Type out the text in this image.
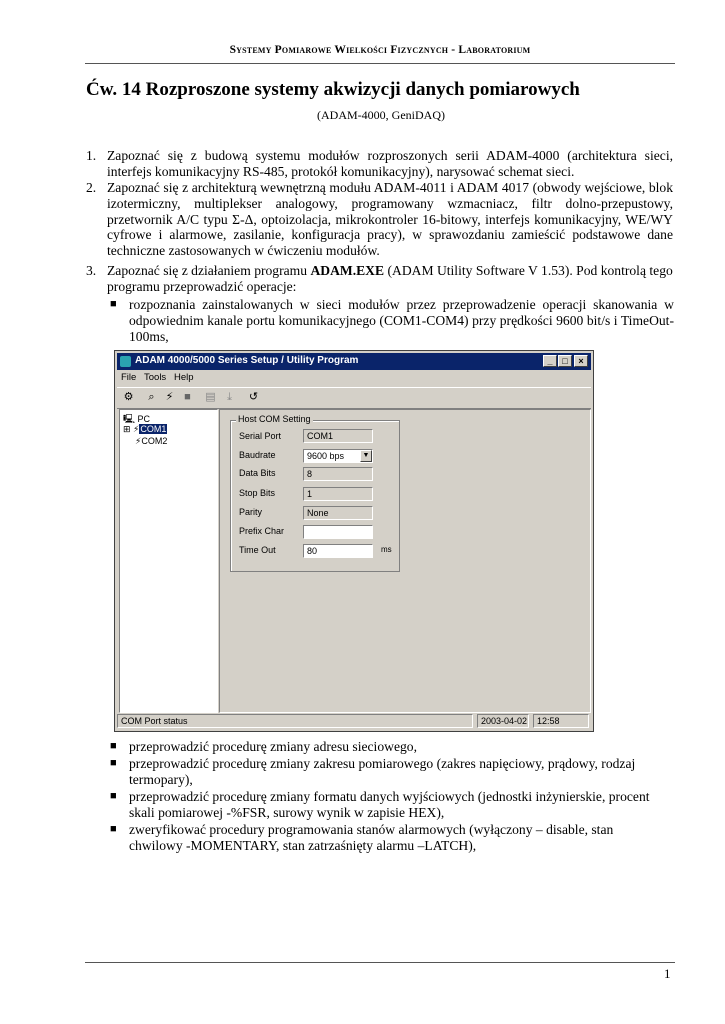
Systemy Pomiarowe Wielkości Fizycznych - Laboratorium
Ćw. 14 Rozproszone systemy akwizycji danych pomiarowych
(ADAM-4000, GeniDAQ)
1. Zapoznać się z budową systemu modułów rozproszonych serii ADAM-4000 (architektura sieci, interfejs komunikacyjny RS-485, protokół komunikacyjny), narysować schemat sieci.
2. Zapoznać się z architekturą wewnętrzną modułu ADAM-4011 i ADAM 4017 (obwody wejściowe, blok izotermiczny, multiplekser analogowy, programowany wzmacniacz, filtr dolno-przepustowy, przetwornik A/C typu Σ-Δ, optoizolacja, mikrokontroler 16-bitowy, interfejs komunikacyjny, WE/WY cyfrowe i alarmowe, zasilanie, konfiguracja pracy), w sprawozdaniu zamieścić podstawowe dane techniczne zastosowanych w ćwiczeniu modułów.
3. Zapoznać się z działaniem programu ADAM.EXE (ADAM Utility Software V 1.53). Pod kontrolą tego programu przeprowadzić operacje:
■ rozpoznania zainstalowanych w sieci modułów przez przeprowadzenie operacji skanowania w odpowiednim kanale portu komunikacyjnego (COM1-COM4) przy prędkości 9600 bit/s i TimeOut-100ms,
ADAM 4000/5000 Series Setup / Utility Program	_	□	×
File Tools Help
⚙	⌕	⚡ ■	▤	⤓	↺
🖳 PC
⊞ ⚡COM1
⚡COM2
Host COM Setting
Serial Port	COM1
Baudrate	9600 bps	▼
Data Bits	8
Stop Bits	1
Parity	None
Prefix Char
Time Out	80	ms
COM Port status	2003-04-02	12:58
■ przeprowadzić procedurę zmiany adresu sieciowego,
■ przeprowadzić procedurę zmiany zakresu pomiarowego (zakres napięciowy, prądowy, rodzaj termopary),
■ przeprowadzić procedurę zmiany formatu danych wyjściowych (jednostki inżynierskie, procent skali pomiarowej -%FSR, surowy wynik w zapisie HEX),
■ zweryfikować procedury programowania stanów alarmowych (wyłączony – disable, stan chwilowy -MOMENTARY, stan zatrzaśnięty alarmu –LATCH),
1
